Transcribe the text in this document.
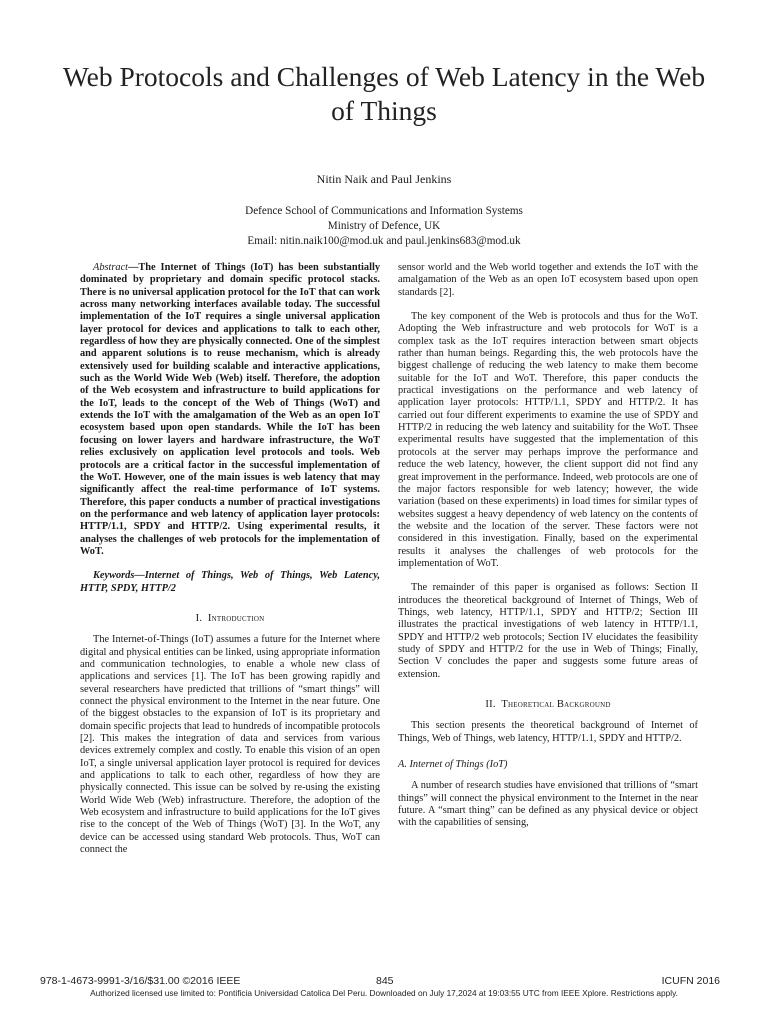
Web Protocols and Challenges of Web Latency in the Web of Things
Nitin Naik and Paul Jenkins
Defence School of Communications and Information Systems
Ministry of Defence, UK
Email: nitin.naik100@mod.uk and paul.jenkins683@mod.uk

Abstract—The Internet of Things (IoT) has been substantially dominated by proprietary and domain specific protocol stacks. There is no universal application protocol for the IoT that can work across many networking interfaces available today. The successful implementation of the IoT requires a single universal application layer protocol for devices and applications to talk to each other, regardless of how they are physically connected. One of the simplest and apparent solutions is to reuse mechanism, which is already extensively used for building scalable and interactive applications, such as the World Wide Web (Web) itself. Therefore, the adoption of the Web ecosystem and infrastructure to build applications for the IoT, leads to the concept of the Web of Things (WoT) and extends the IoT with the amalgamation of the Web as an open IoT ecosystem based upon open standards. While the IoT has been focusing on lower layers and hardware infrastructure, the WoT relies exclusively on application level protocols and tools. Web protocols are a critical factor in the successful implementation of the WoT. However, one of the main issues is web latency that may significantly affect the real-time performance of IoT systems. Therefore, this paper conducts a number of practical investigations on the performance and web latency of application layer protocols: HTTP/1.1, SPDY and HTTP/2. Using experimental results, it analyses the challenges of web protocols for the implementation of WoT.

Keywords—Internet of Things, Web of Things, Web Latency, HTTP, SPDY, HTTP/2

I. Introduction

The Internet-of-Things (IoT) assumes a future for the Internet where digital and physical entities can be linked, using appropriate information and communication technologies, to enable a whole new class of applications and services [1]. The IoT has been growing rapidly and several researchers have predicted that trillions of “smart things” will connect the physical environment to the Internet in the near future. One of the biggest obstacles to the expansion of IoT is its proprietary and domain specific projects that lead to hundreds of incompatible protocols [2]. This makes the integration of data and services from various devices extremely complex and costly. To enable this vision of an open IoT, a single universal application layer protocol is required for devices and applications to talk to each other, regardless of how they are physically connected. This issue can be solved by re-using the existing World Wide Web (Web) infrastructure. Therefore, the adoption of the Web ecosystem and infrastructure to build applications for the IoT gives rise to the concept of the Web of Things (WoT) [3]. In the WoT, any device can be accessed using standard Web protocols. Thus, WoT can connect the

sensor world and the Web world together and extends the IoT with the amalgamation of the Web as an open IoT ecosystem based upon open standards [2].

The key component of the Web is protocols and thus for the WoT. Adopting the Web infrastructure and web protocols for WoT is a complex task as the IoT requires interaction between smart objects rather than human beings. Regarding this, the web protocols have the biggest challenge of reducing the web latency to make them become suitable for the IoT and WoT. Therefore, this paper conducts the practical investigations on the performance and web latency of application layer protocols: HTTP/1.1, SPDY and HTTP/2. It has carried out four different experiments to examine the use of SPDY and HTTP/2 in reducing the web latency and suitability for the WoT. Thsee experimental results have suggested that the implementation of this protocols at the server may perhaps improve the performance and reduce the web latency, however, the client support did not find any great improvement in the performance. Indeed, web protocols are one of the major factors responsible for web latency; however, the wide variation (based on these experiments) in load times for similar types of websites suggest a heavy dependency of web latency on the contents of the website and the location of the server. These factors were not considered in this investigation. Finally, based on the experimental results it analyses the challenges of web protocols for the implementation of WoT.

The remainder of this paper is organised as follows: Section II introduces the theoretical background of Internet of Things, Web of Things, web latency, HTTP/1.1, SPDY and HTTP/2; Section III illustrates the practical investigations of web latency in HTTP/1.1, SPDY and HTTP/2 web protocols; Section IV elucidates the feasibility study of SPDY and HTTP/2 for the use in Web of Things; Finally, Section V concludes the paper and suggests some future areas of extension.

II. Theoretical Background

This section presents the theoretical background of Internet of Things, Web of Things, web latency, HTTP/1.1, SPDY and HTTP/2.

A. Internet of Things (IoT)

A number of research studies have envisioned that trillions of “smart things” will connect the physical environment to the Internet in the near future. A “smart thing” can be defined as any physical device or object with the capabilities of sensing,

978-1-4673-9991-3/16/$31.00 ©2016 IEEE	845	ICUFN 2016
Authorized licensed use limited to: Pontificia Universidad Catolica Del Peru. Downloaded on July 17,2024 at 19:03:55 UTC from IEEE Xplore. Restrictions apply.
